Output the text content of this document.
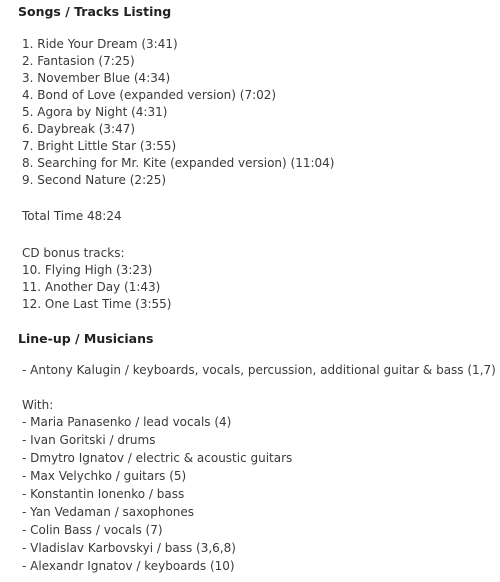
Songs / Tracks Listing
1. Ride Your Dream (3:41)
2. Fantasion (7:25)
3. November Blue (4:34)
4. Bond of Love (expanded version) (7:02)
5. Agora by Night (4:31)
6. Daybreak (3:47)
7. Bright Little Star (3:55)
8. Searching for Mr. Kite (expanded version) (11:04)
9. Second Nature (2:25)
Total Time 48:24
CD bonus tracks:
10. Flying High (3:23)
11. Another Day (1:43)
12. One Last Time (3:55)
Line-up / Musicians
- Antony Kalugin / keyboards, vocals, percussion, additional guitar & bass (1,7)
With:
- Maria Panasenko / lead vocals (4)
- Ivan Goritski / drums
- Dmytro Ignatov / electric & acoustic guitars
- Max Velychko / guitars (5)
- Konstantin Ionenko / bass
- Yan Vedaman / saxophones
- Colin Bass / vocals (7)
- Vladislav Karbovskyi / bass (3,6,8)
- Alexandr Ignatov / keyboards (10)
